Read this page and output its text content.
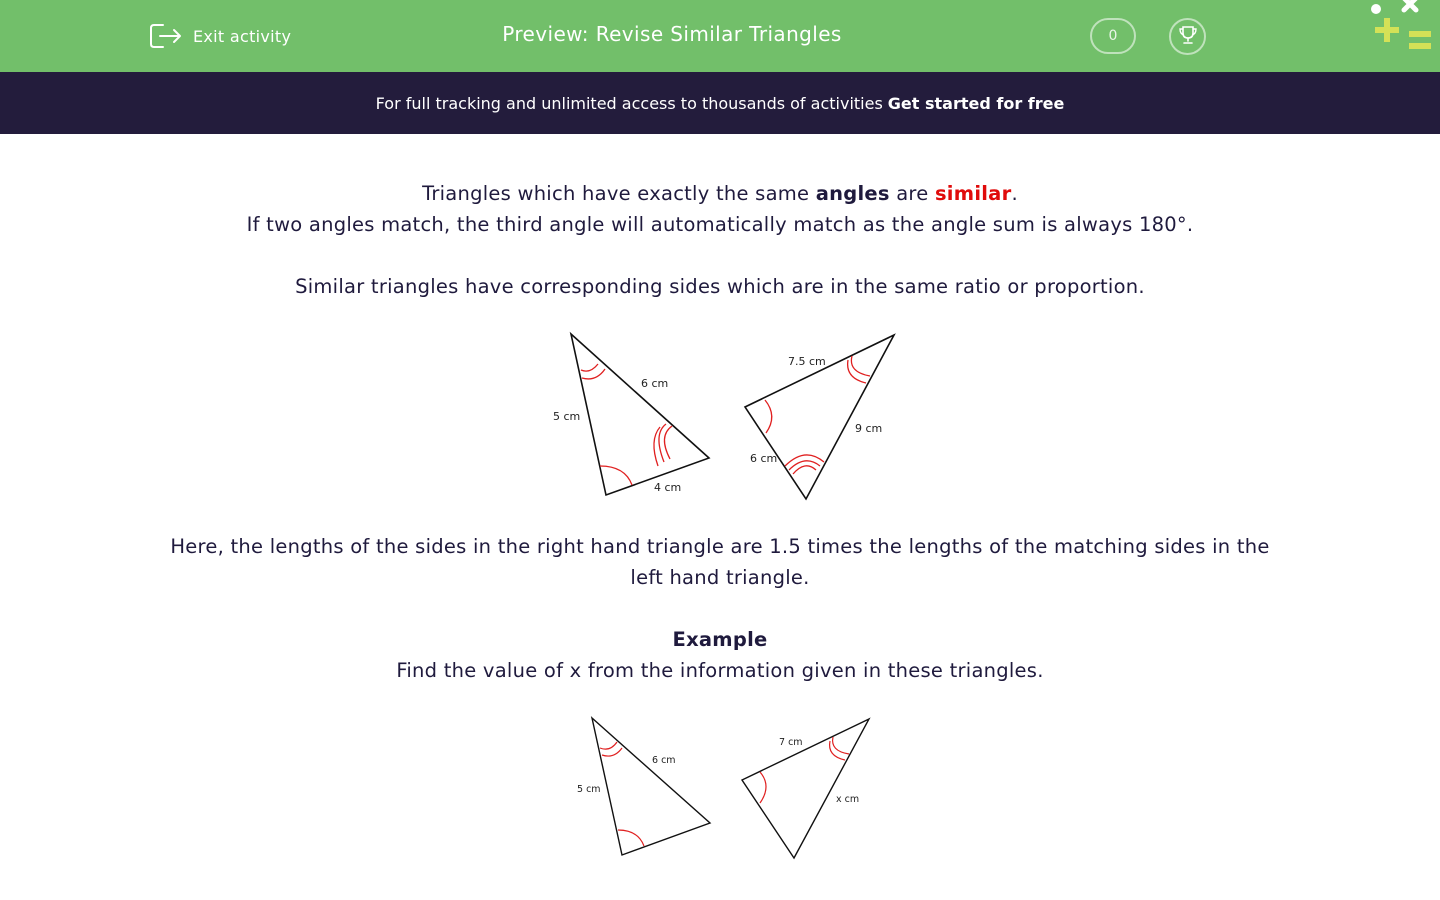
Exit activity	Preview: Revise Similar Triangles	0
For full tracking and unlimited access to thousands of activities Get started for free
Triangles which have exactly the same angles are similar.
If two angles match, the third angle will automatically match as the angle sum is always 180°.
Similar triangles have corresponding sides which are in the same ratio or proportion.
6 cm
5 cm
4 cm
7.5 cm
9 cm
6 cm
Here, the lengths of the sides in the right hand triangle are 1.5 times the lengths of the matching sides in the left hand triangle.
Example
Find the value of x from the information given in these triangles.
6 cm
5 cm
7 cm
x cm
